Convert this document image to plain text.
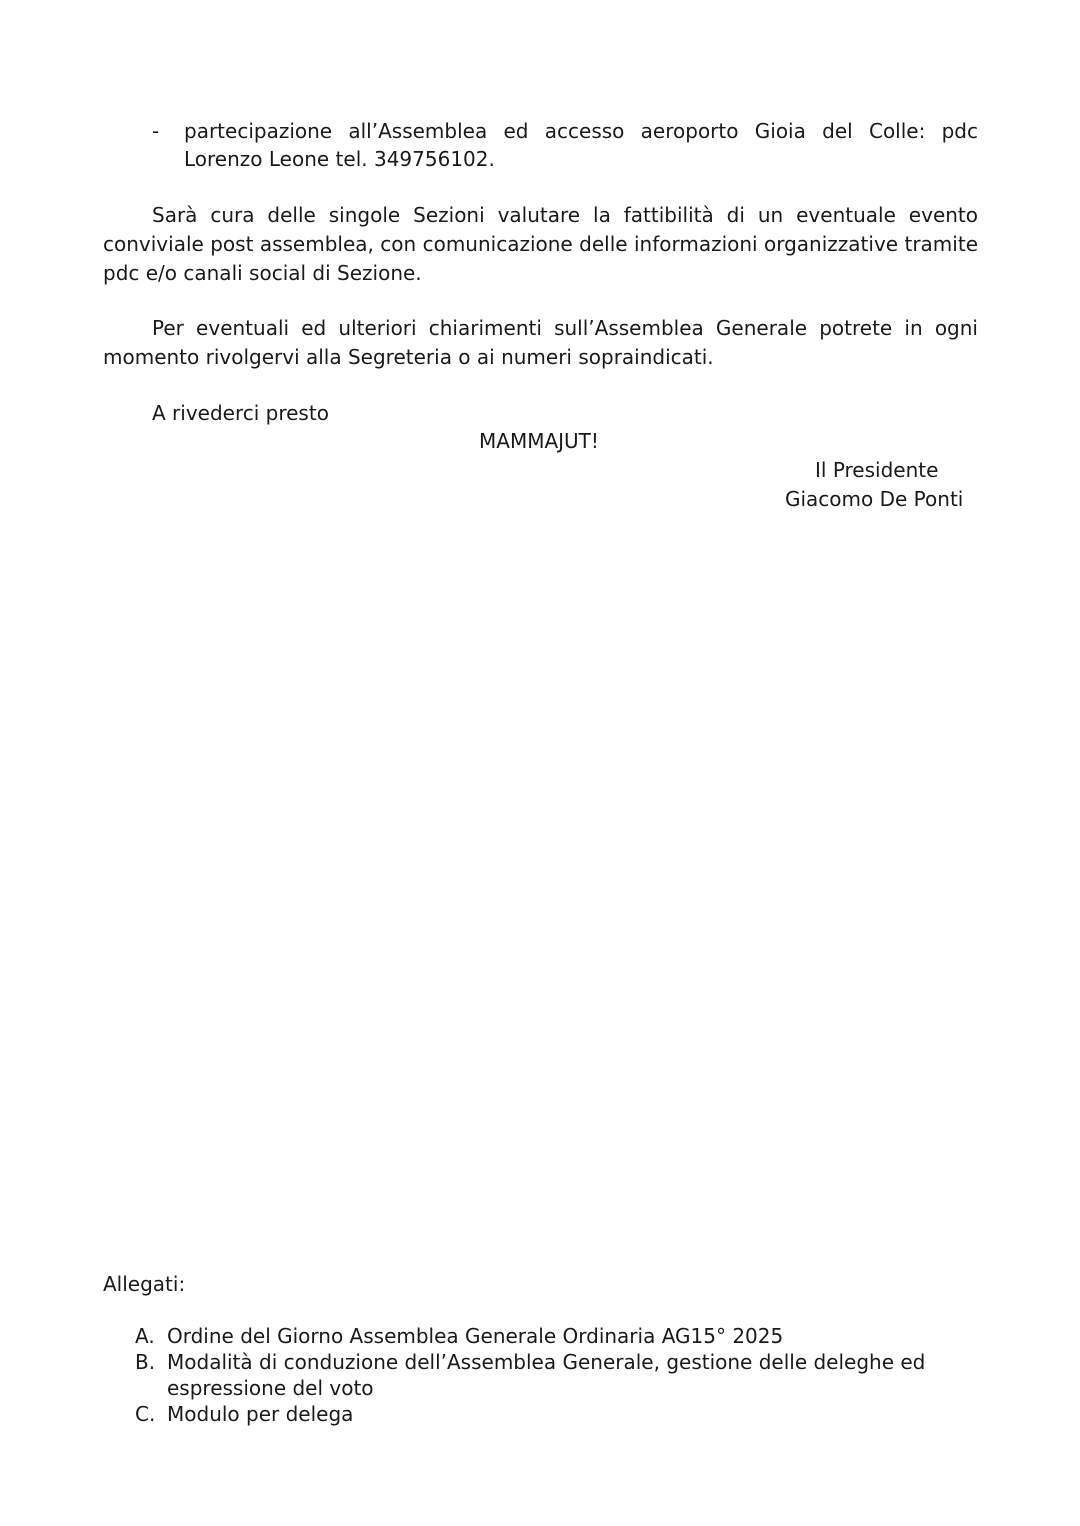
- partecipazione all’Assemblea ed accesso aeroporto Gioia del Colle: pdc Lorenzo Leone tel. 349756102.
Sarà cura delle singole Sezioni valutare la fattibilità di un eventuale evento conviviale post assemblea, con comunicazione delle informazioni organizzative tramite pdc e/o canali social di Sezione.
Per eventuali ed ulteriori chiarimenti sull’Assemblea Generale potrete in ogni momento rivolgervi alla Segreteria o ai numeri sopraindicati.
A rivederci presto
MAMMAJUT!
Il Presidente
Giacomo De Ponti
Allegati:
A. Ordine del Giorno Assemblea Generale Ordinaria AG15° 2025
B. Modalità di conduzione dell’Assemblea Generale, gestione delle deleghe ed espressione del voto
C. Modulo per delega
